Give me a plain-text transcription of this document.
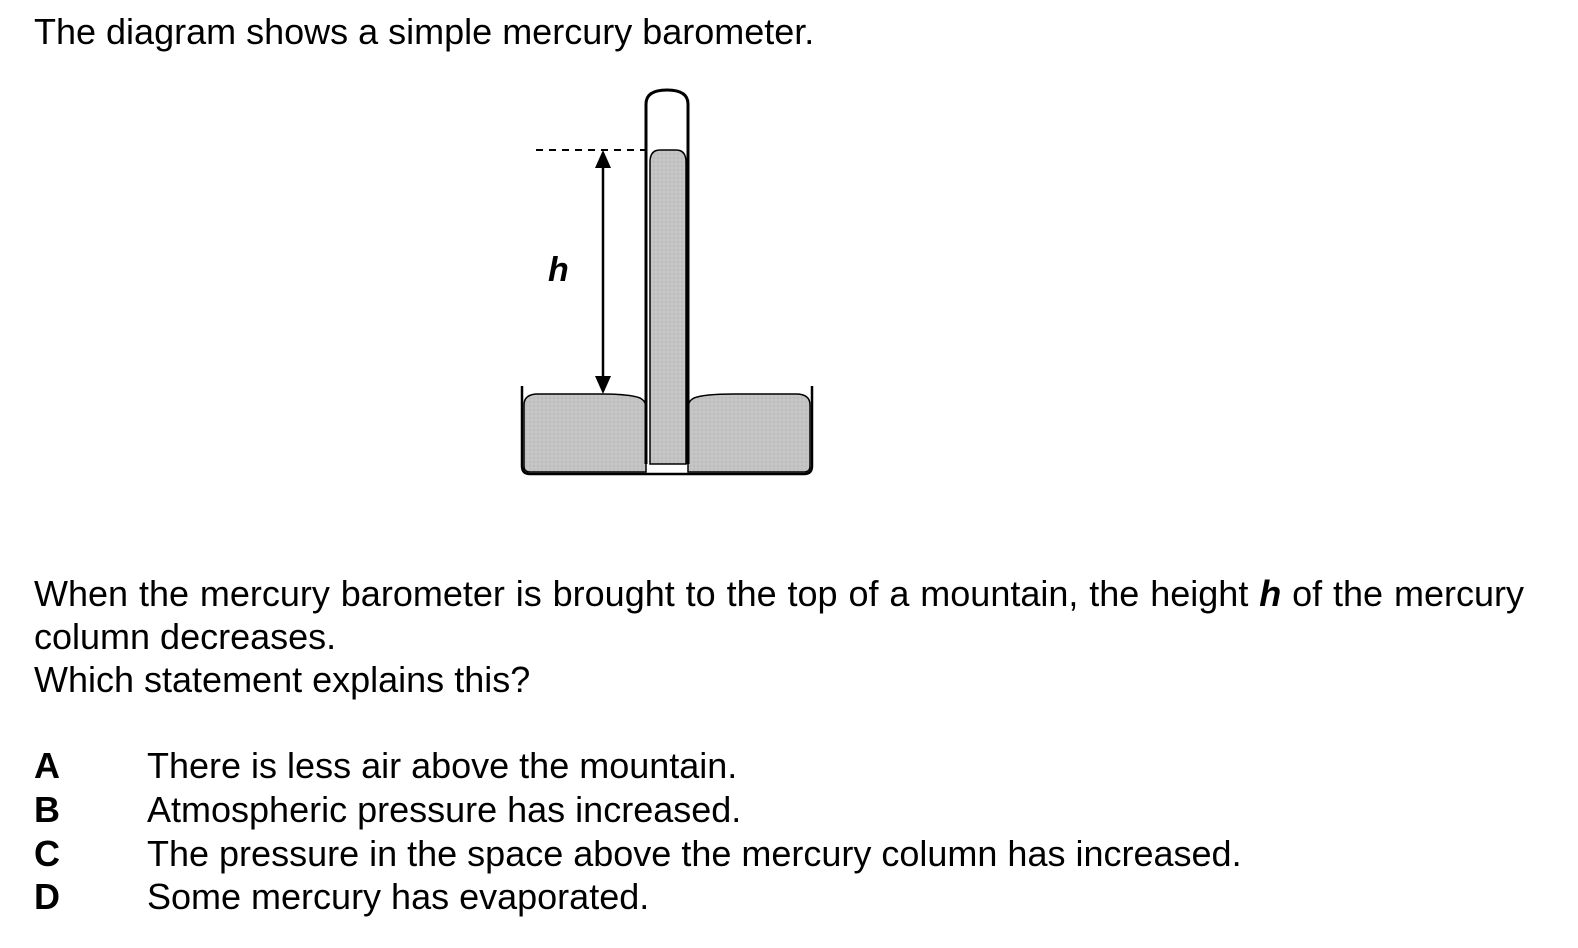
The diagram shows a simple mercury barometer.
h
When the mercury barometer is brought to the top of a mountain, the height h of the mercury column decreases.
Which statement explains this?
A There is less air above the mountain.
B Atmospheric pressure has increased.
C The pressure in the space above the mercury column has increased.
D Some mercury has evaporated.
